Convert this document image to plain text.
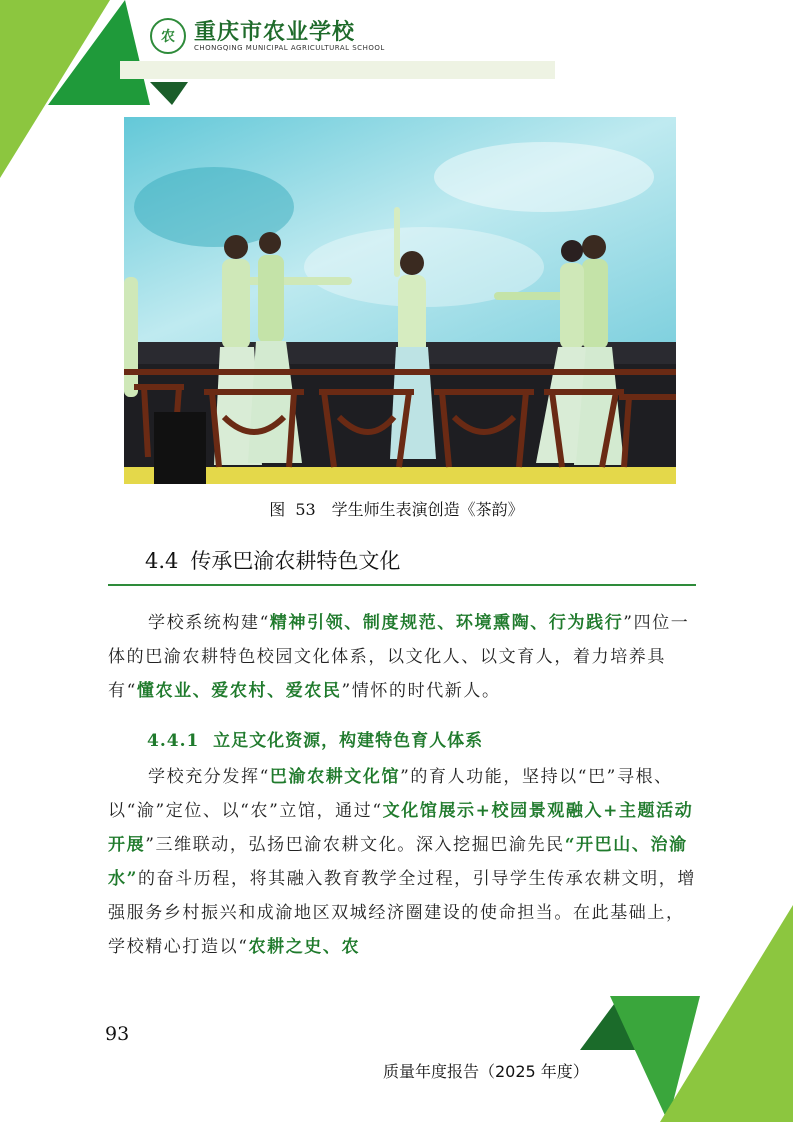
农 重庆市农业学校
CHONGQING MUNICIPAL AGRICULTURAL SCHOOL
图 53 学生师生表演创造《茶韵》
4.4 传承巴渝农耕特色文化
学校系统构建“精神引领、制度规范、环境熏陶、行为践行”四位一体的巴渝农耕特色校园文化体系，以文化人、以文育人，着力培养具有“懂农业、爱农村、爱农民”情怀的时代新人。
4.4.1 立足文化资源，构建特色育人体系
学校充分发挥“巴渝农耕文化馆”的育人功能，坚持以“巴”寻根、以“渝”定位、以“农”立馆，通过“文化馆展示+校园景观融入+主题活动开展”三维联动，弘扬巴渝农耕文化。深入挖掘巴渝先民“开巴山、治渝水”的奋斗历程，将其融入教育教学全过程，引导学生传承农耕文明，增强服务乡村振兴和成渝地区双城经济圈建设的使命担当。在此基础上，学校精心打造以“农耕之史、农
93
质量年度报告（2025 年度）
